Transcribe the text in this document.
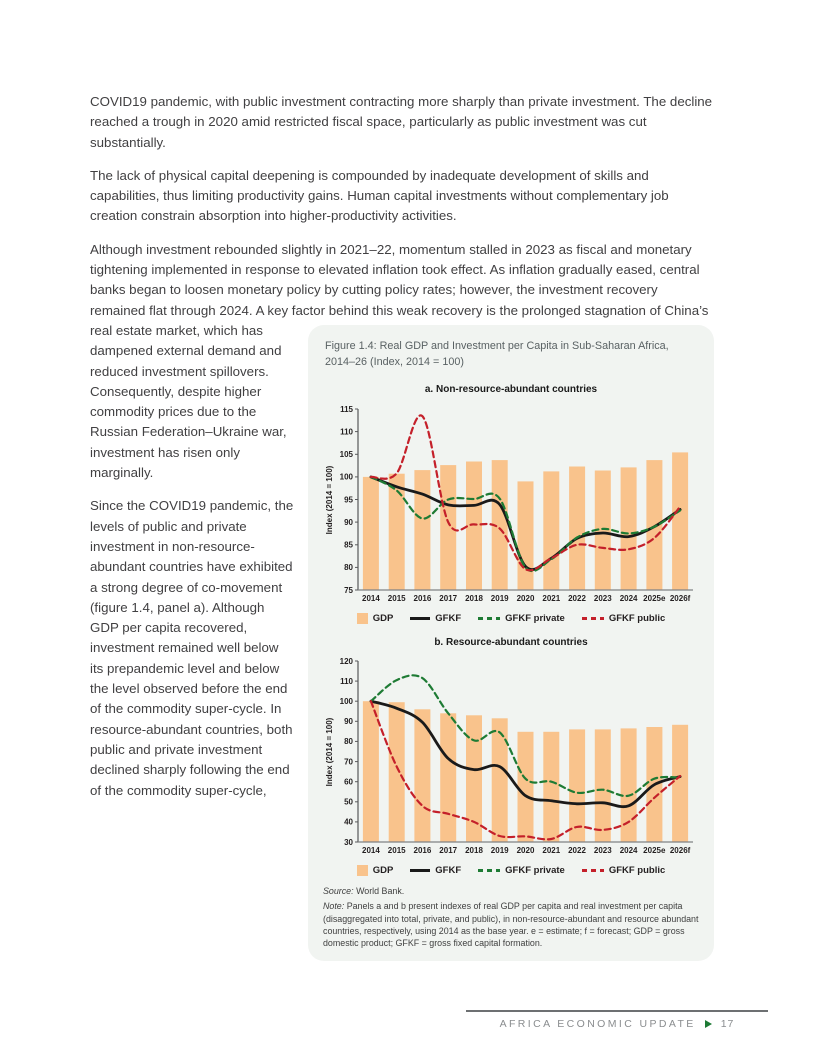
COVID19 pandemic, with public investment contracting more sharply than private investment. The decline reached a trough in 2020 amid restricted fiscal space, particularly as public investment was cut substantially.

The lack of physical capital deepening is compounded by inadequate development of skills and capabilities, thus limiting productivity gains. Human capital investments without complementary job creation constrain absorption into higher-productivity activities.

Although investment rebounded slightly in 2021–22, momentum stalled in 2023 as fiscal and monetary tightening implemented in response to elevated inflation took effect. As inflation gradually eased, central banks began to loosen monetary policy by cutting policy rates; however, the investment recovery remained flat through 2024. A key factor behind this weak
Figure 1.4: Real GDP and Investment per Capita in Sub-Saharan Africa, 2014–26 (Index, 2014 = 100)
a. Non-resource-abundant countries
75
80
85
90
95
100
105
110
115
2014 2015 2016 2017 2018 2019 2020 2021 2022 2023 2024 2025e 2026f
Index (2014 = 100)
GDP	GFKF	GFKF private	GFKF public
b. Resource-abundant countries
30
40
50
60
70
80
90
100
110
120
2014 2015 2016 2017 2018 2019 2020 2021 2022 2023 2024 2025e 2026f
Index (2014 = 100)
GDP	GFKF	GFKF private	GFKF public
Source: World Bank.
Note: Panels a and b present indexes of real GDP per capita and real investment per capita (disaggregated into total, private, and public), in non-resource-abundant and resource abundant countries, respectively, using 2014 as the base year. e = estimate; f = forecast; GDP = gross domestic product; GFKF = gross fixed capital formation.
recovery is the prolonged stagnation of China’s real estate market, which has dampened external demand and reduced investment spillovers. Consequently, despite higher commodity prices due to the Russian Federation–Ukraine war, investment has risen only marginally.

Since the COVID19 pandemic, the levels of public and private investment in non-resource-abundant countries have exhibited a strong degree of co-movement (figure 1.4, panel a). Although GDP per capita recovered, investment remained well below its prepandemic level and below the level observed before the end of the commodity super-cycle. In resource-abundant countries, both public and private investment declined sharply following the end of the commodity super-cycle,

AFRICA ECONOMIC UPDATE 17
